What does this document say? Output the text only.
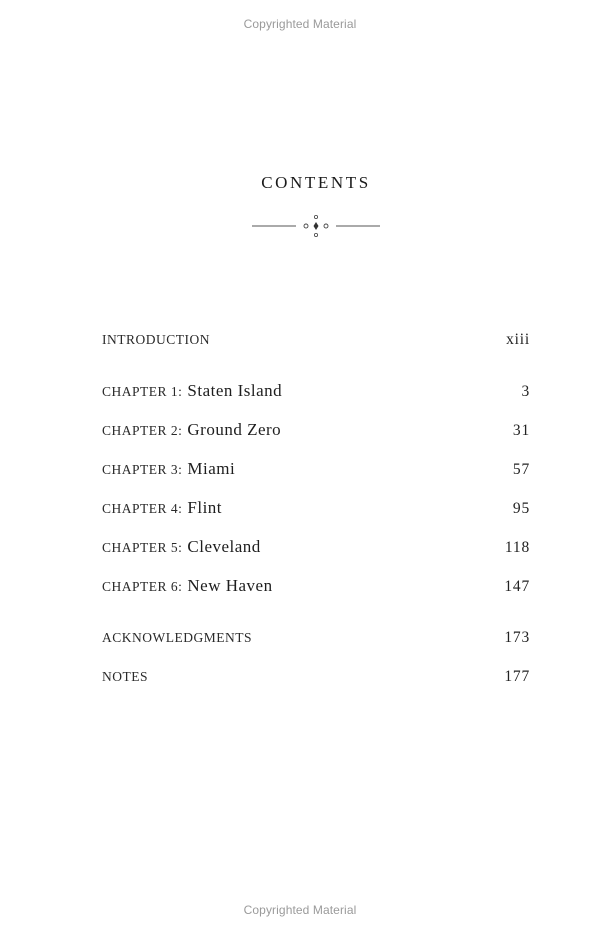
Copyrighted Material
CONTENTS
INTRODUCTION	xiii
CHAPTER 1: Staten Island	3
CHAPTER 2: Ground Zero	31
CHAPTER 3: Miami	57
CHAPTER 4: Flint	95
CHAPTER 5: Cleveland	118
CHAPTER 6: New Haven	147
ACKNOWLEDGMENTS	173
NOTES	177
Copyrighted Material
